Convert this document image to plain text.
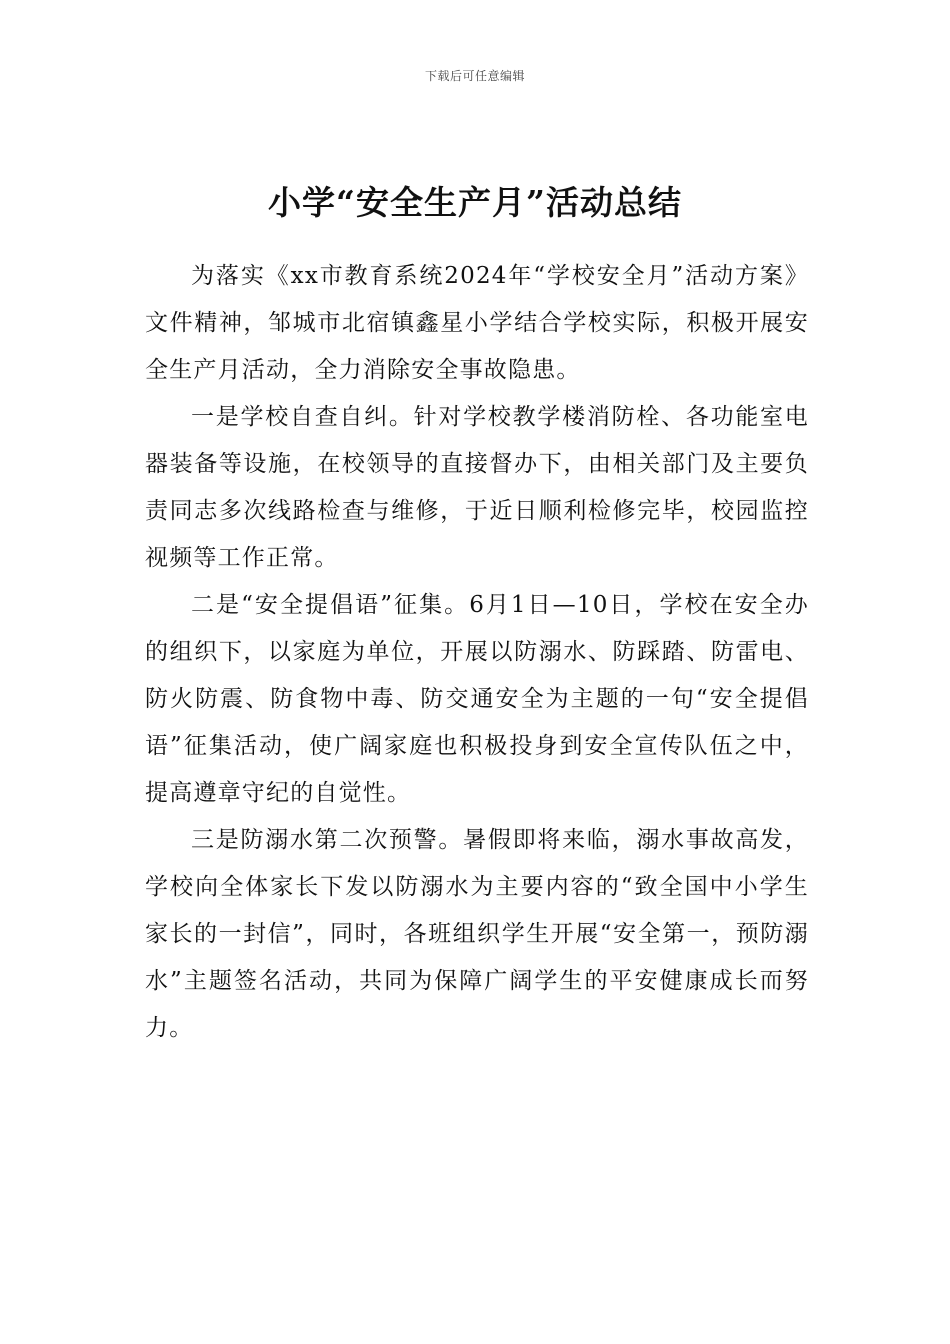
下载后可任意编辑
小学“安全生产月”活动总结

为落实《xx市教育系统2024年“学校安全月”活动方案》文件精神，邹城市北宿镇鑫星小学结合学校实际，积极开展安全生产月活动，全力消除安全事故隐患。

一是学校自查自纠。针对学校教学楼消防栓、各功能室电器装备等设施，在校领导的直接督办下，由相关部门及主要负责同志多次线路检查与维修，于近日顺利检修完毕，校园监控视频等工作正常。

二是“安全提倡语”征集。6月1日—10日，学校在安全办的组织下，以家庭为单位，开展以防溺水、防踩踏、防雷电、防火防震、防食物中毒、防交通安全为主题的一句“安全提倡语”征集活动，使广阔家庭也积极投身到安全宣传队伍之中，提高遵章守纪的自觉性。

三是防溺水第二次预警。暑假即将来临，溺水事故高发，学校向全体家长下发以防溺水为主要内容的“致全国中小学生家长的一封信”，同时，各班组织学生开展“安全第一，预防溺水”主题签名活动，共同为保障广阔学生的平安健康成长而努力。
